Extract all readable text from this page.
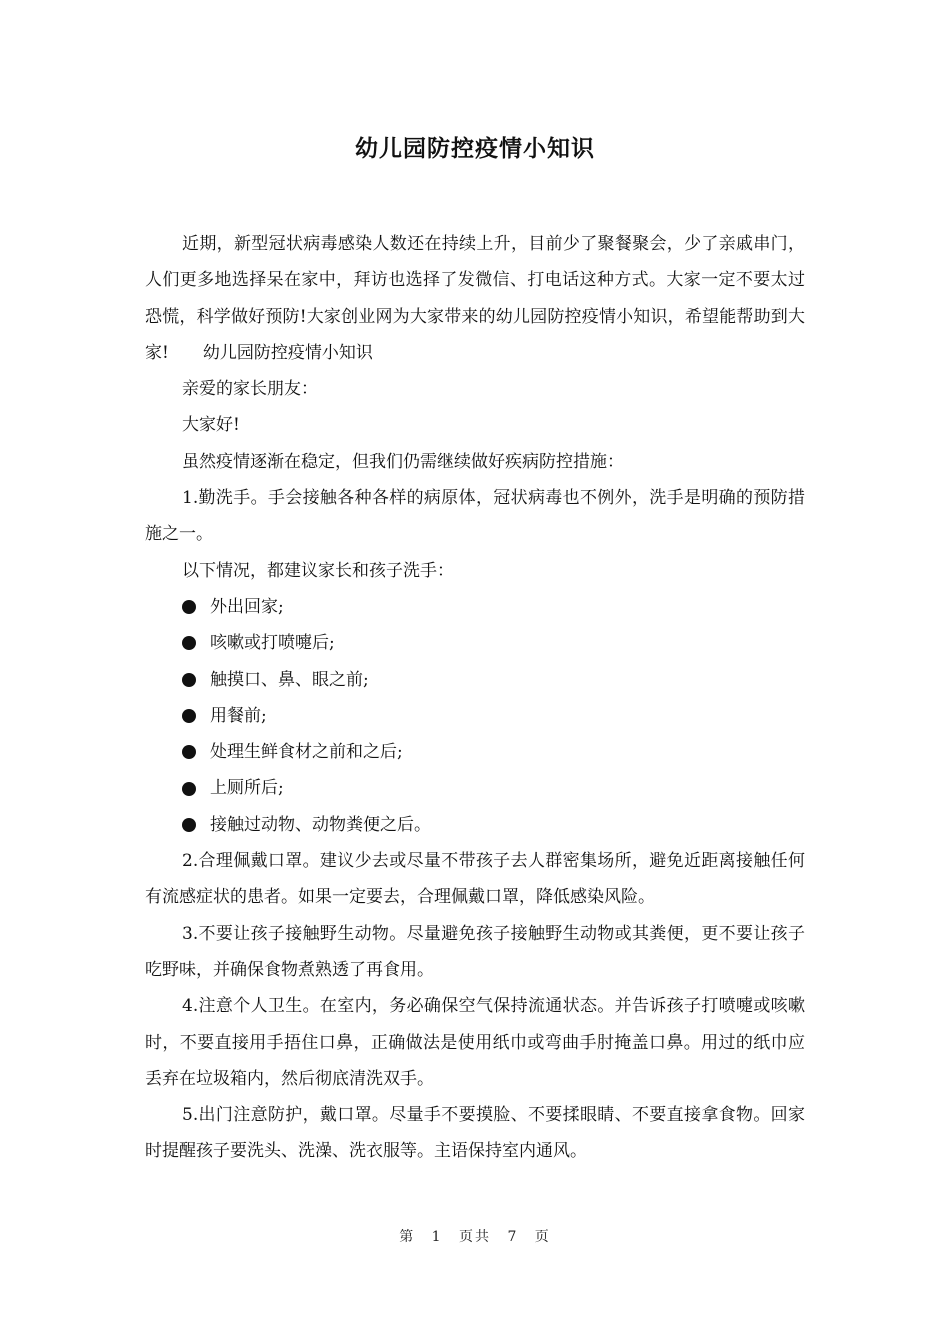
幼儿园防控疫情小知识

近期，新型冠状病毒感染人数还在持续上升，目前少了聚餐聚会，少了亲戚串门，人们更多地选择呆在家中，拜访也选择了发微信、打电话这种方式。大家一定不要太过恐慌，科学做好预防!大家创业网为大家带来的幼儿园防控疫情小知识，希望能帮助到大家!　　幼儿园防控疫情小知识

亲爱的家长朋友：

大家好!

虽然疫情逐渐在稳定，但我们仍需继续做好疾病防控措施：

1.勤洗手。手会接触各种各样的病原体，冠状病毒也不例外，洗手是明确的预防措施之一。

以下情况，都建议家长和孩子洗手：

外出回家;
咳嗽或打喷嚏后;
触摸口、鼻、眼之前;
用餐前;
处理生鲜食材之前和之后;
上厕所后;
接触过动物、动物粪便之后。

2.合理佩戴口罩。建议少去或尽量不带孩子去人群密集场所，避免近距离接触任何有流感症状的患者。如果一定要去，合理佩戴口罩，降低感染风险。

3.不要让孩子接触野生动物。尽量避免孩子接触野生动物或其粪便，更不要让孩子吃野味，并确保食物煮熟透了再食用。

4.注意个人卫生。在室内，务必确保空气保持流通状态。并告诉孩子打喷嚏或咳嗽时，不要直接用手捂住口鼻，正确做法是使用纸巾或弯曲手肘掩盖口鼻。用过的纸巾应丢弃在垃圾箱内，然后彻底清洗双手。

5.出门注意防护，戴口罩。尽量手不要摸脸、不要揉眼睛、不要直接拿食物。回家时提醒孩子要洗头、洗澡、洗衣服等。主语保持室内通风。

第 1 页共 7 页
